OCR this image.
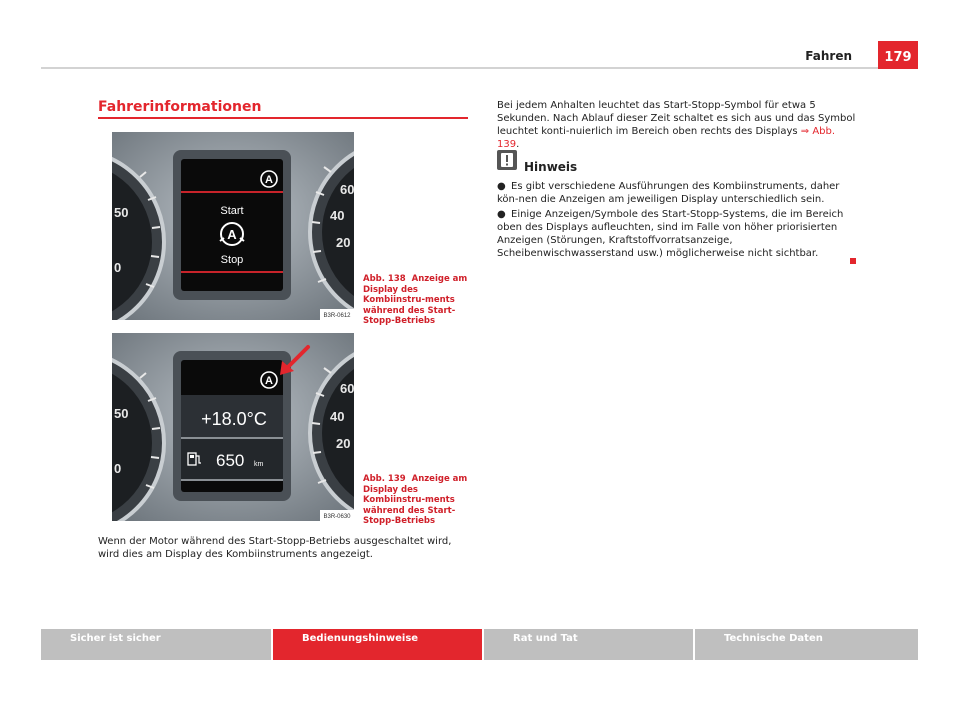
Fahren	179
Fahrerinformationen
50
0
60
40
20
A
Start
A
Stop
B3R-0612
Abb. 138 Anzeige am Display des Kombiinstru-ments während des Start-Stopp-Betriebs
50
0
60
40
20
A
+18.0°C
650 km
B3R-0630
Abb. 139 Anzeige am Display des Kombiinstru-ments während des Start-Stopp-Betriebs
Wenn der Motor während des Start-Stopp-Betriebs ausgeschaltet wird, wird dies am Display des Kombiinstruments angezeigt.
Bei jedem Anhalten leuchtet das Start-Stopp-Symbol für etwa 5 Sekunden. Nach Ablauf dieser Zeit schaltet es sich aus und das Symbol leuchtet konti-nuierlich im Bereich oben rechts des Displays ⇒ Abb. 139.
Hinweis
● Es gibt verschiedene Ausführungen des Kombiinstruments, daher kön-nen die Anzeigen am jeweiligen Display unterschiedlich sein.
● Einige Anzeigen/Symbole des Start-Stopp-Systems, die im Bereich oben des Displays aufleuchten, sind im Falle von höher priorisierten Anzeigen (Störungen, Kraftstoffvorratsanzeige, Scheibenwischwasserstand usw.) möglicherweise nicht sichtbar.
Sicher ist sicher	Bedienungshinweise	Rat und Tat	Technische Daten
